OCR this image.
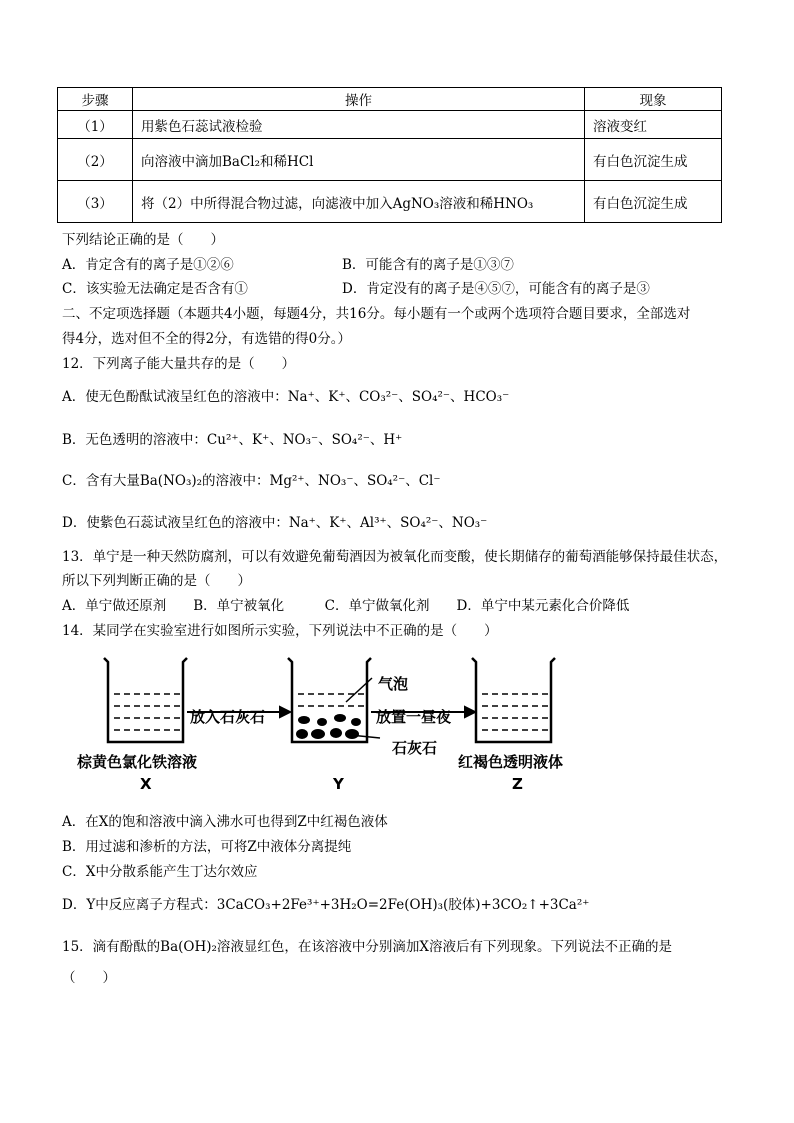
步骤	操作	现象
（1）	用紫色石蕊试液检验	溶液变红
（2）	向溶液中滴加BaCl₂和稀HCl	有白色沉淀生成
（3）	将（2）中所得混合物过滤，向滤液中加入AgNO₃溶液和稀HNO₃	有白色沉淀生成
下列结论正确的是（　　）
A．肯定含有的离子是①②⑥	B．可能含有的离子是①③⑦
C．该实验无法确定是否含有①	D．肯定没有的离子是④⑤⑦，可能含有的离子是③
二、不定项选择题（本题共4小题，每题4分，共16分。每小题有一个或两个选项符合题目要求，全部选对
得4分，选对但不全的得2分，有选错的得0分。）
12．下列离子能大量共存的是（　　）
A．使无色酚酞试液呈红色的溶液中：Na⁺、K⁺、CO₃²⁻、SO₄²⁻、HCO₃⁻
B．无色透明的溶液中：Cu²⁺、K⁺、NO₃⁻、SO₄²⁻、H⁺
C．含有大量Ba(NO₃)₂的溶液中：Mg²⁺、NO₃⁻、SO₄²⁻、Cl⁻
D．使紫色石蕊试液呈红色的溶液中：Na⁺、K⁺、Al³⁺、SO₄²⁻、NO₃⁻
13．单宁是一种天然防腐剂，可以有效避免葡萄酒因为被氧化而变酸，使长期储存的葡萄酒能够保持最佳状态，
所以下列判断正确的是（　　）
A．单宁做还原剂　　B．单宁被氧化　　　C．单宁做氧化剂　　D．单宁中某元素化合价降低
14．某同学在实验室进行如图所示实验，下列说法中不正确的是（　　）
放入石灰石
气泡
放置一昼夜
石灰石
棕黄色氯化铁溶液	红褐色透明液体
X	Y	Z
A．在X的饱和溶液中滴入沸水可也得到Z中红褐色液体
B．用过滤和渗析的方法，可将Z中液体分离提纯
C．X中分散系能产生丁达尔效应
D．Y中反应离子方程式：3CaCO₃+2Fe³⁺+3H₂O=2Fe(OH)₃(胶体)+3CO₂↑+3Ca²⁺
15．滴有酚酞的Ba(OH)₂溶液显红色，在该溶液中分别滴加X溶液后有下列现象。下列说法不正确的是
（　　）
